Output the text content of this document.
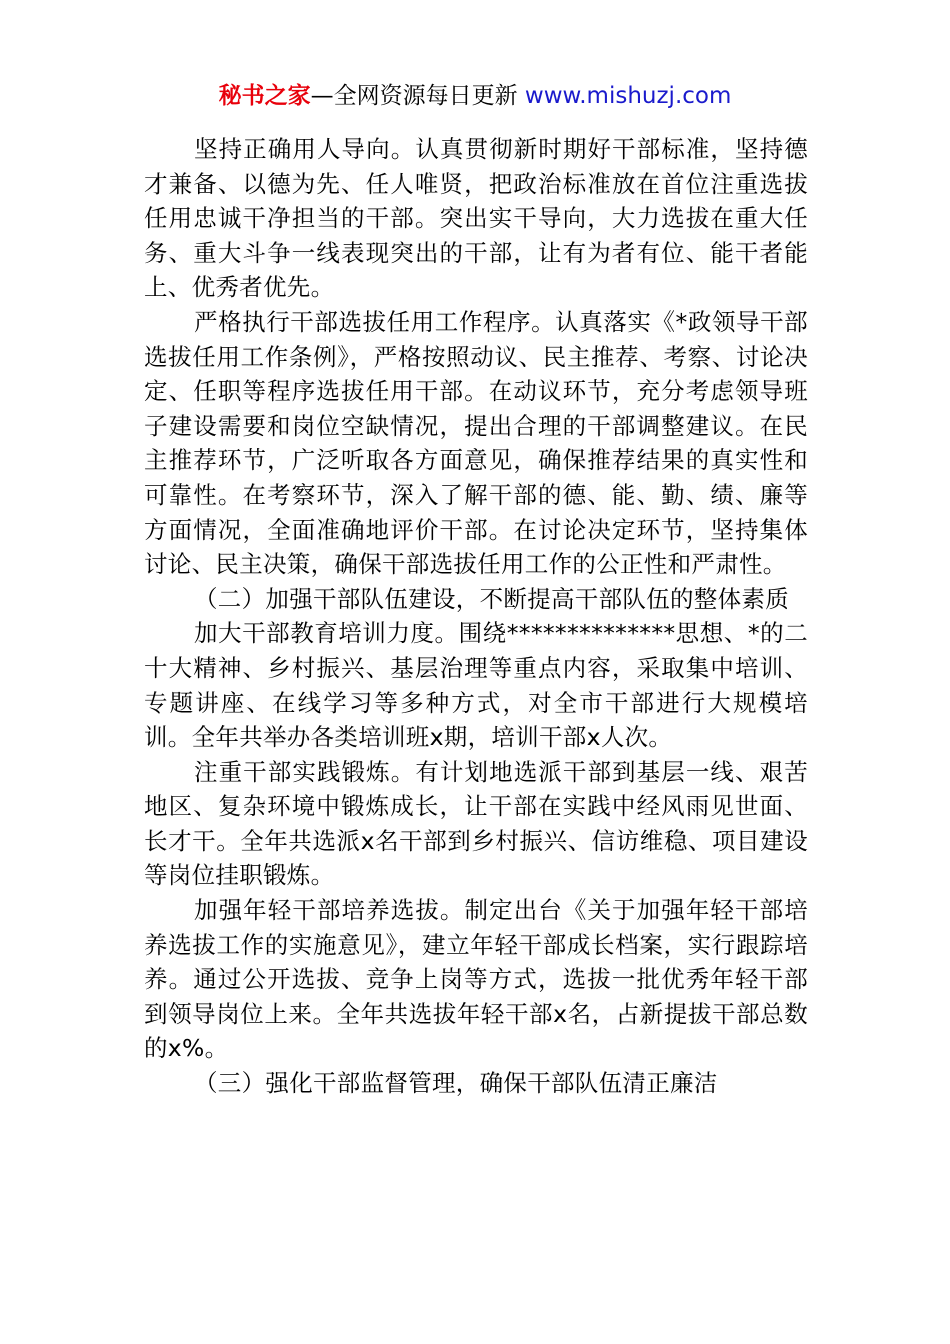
秘书之家—全网资源每日更新 www.mishuzj.com

坚持正确用人导向。认真贯彻新时期好干部标准，坚持德才兼备、以德为先、任人唯贤，把政治标准放在首位注重选拔任用忠诚干净担当的干部。突出实干导向，大力选拔在重大任务、重大斗争一线表现突出的干部，让有为者有位、能干者能上、优秀者优先。

严格执行干部选拔任用工作程序。认真落实《*政领导干部选拔任用工作条例》，严格按照动议、民主推荐、考察、讨论决定、任职等程序选拔任用干部。在动议环节，充分考虑领导班子建设需要和岗位空缺情况，提出合理的干部调整建议。在民主推荐环节，广泛听取各方面意见，确保推荐结果的真实性和可靠性。在考察环节，深入了解干部的德、能、勤、绩、廉等方面情况，全面准确地评价干部。在讨论决定环节，坚持集体讨论、民主决策，确保干部选拔任用工作的公正性和严肃性。

（二）加强干部队伍建设，不断提高干部队伍的整体素质

加大干部教育培训力度。围绕**************思想、*的二十大精神、乡村振兴、基层治理等重点内容，采取集中培训、专题讲座、在线学习等多种方式，对全市干部进行大规模培训。全年共举办各类培训班x期，培训干部x人次。

注重干部实践锻炼。有计划地选派干部到基层一线、艰苦地区、复杂环境中锻炼成长，让干部在实践中经风雨见世面、长才干。全年共选派x名干部到乡村振兴、信访维稳、项目建设等岗位挂职锻炼。

加强年轻干部培养选拔。制定出台《关于加强年轻干部培养选拔工作的实施意见》，建立年轻干部成长档案，实行跟踪培养。通过公开选拔、竞争上岗等方式，选拔一批优秀年轻干部到领导岗位上来。全年共选拔年轻干部x名，占新提拔干部总数的x%。

（三）强化干部监督管理，确保干部队伍清正廉洁
